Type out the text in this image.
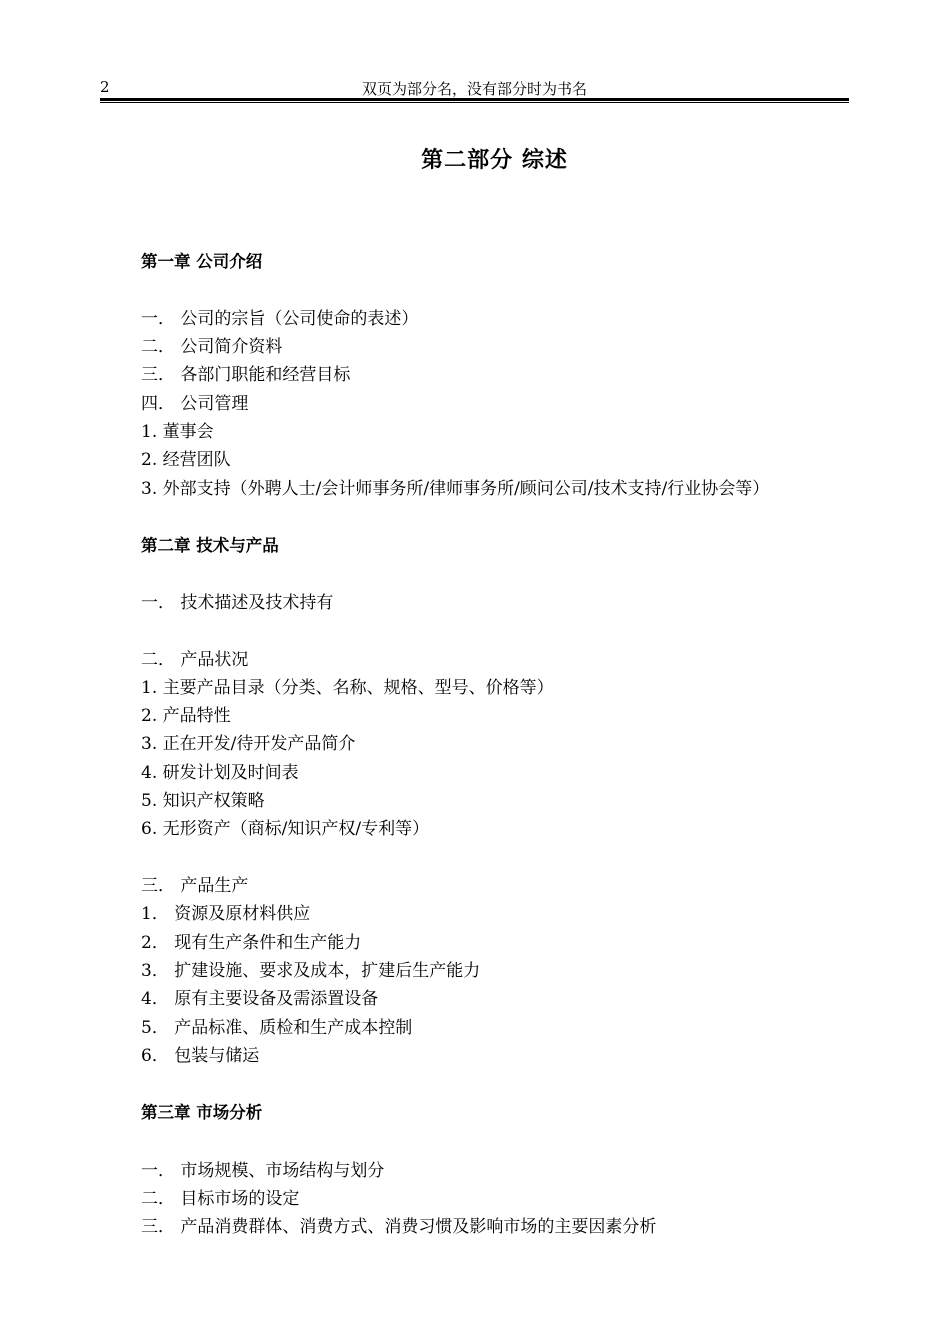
2	双页为部分名，没有部分时为书名
第二部分 综述
第一章 公司介绍
一． 公司的宗旨（公司使命的表述）
二． 公司简介资料
三． 各部门职能和经营目标
四． 公司管理
1. 董事会
2. 经营团队
3. 外部支持（外聘人士/会计师事务所/律师事务所/顾问公司/技术支持/行业协会等）
第二章 技术与产品
一． 技术描述及技术持有
二． 产品状况
1. 主要产品目录（分类、名称、规格、型号、价格等）
2. 产品特性
3. 正在开发/待开发产品简介
4. 研发计划及时间表
5. 知识产权策略
6. 无形资产（商标/知识产权/专利等）
三． 产品生产
1． 资源及原材料供应
2． 现有生产条件和生产能力
3． 扩建设施、要求及成本，扩建后生产能力
4． 原有主要设备及需添置设备
5． 产品标准、质检和生产成本控制
6． 包装与储运
第三章 市场分析
一． 市场规模、市场结构与划分
二． 目标市场的设定
三． 产品消费群体、消费方式、消费习惯及影响市场的主要因素分析
